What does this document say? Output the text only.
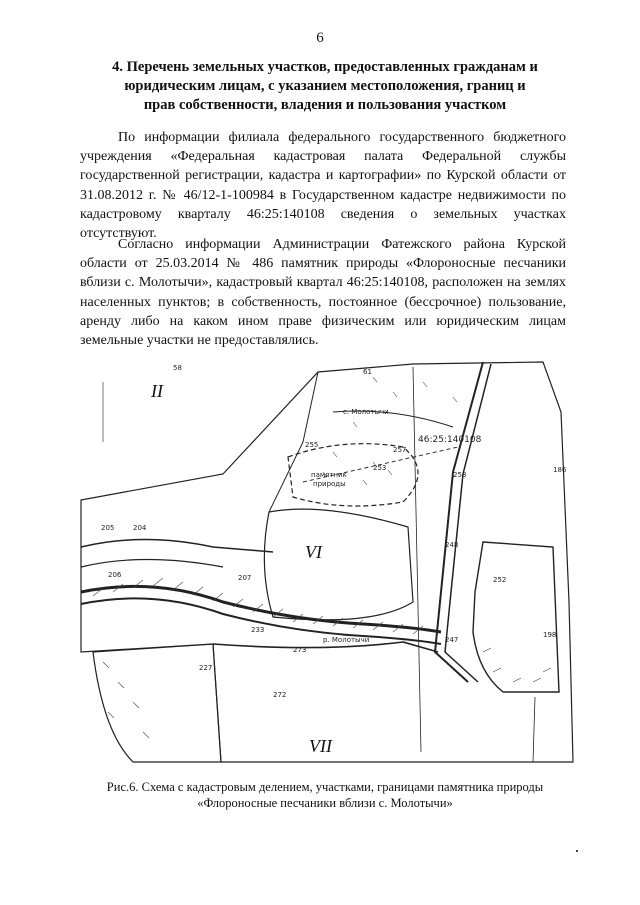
6
4. Перечень земельных участков, предоставленных гражданам и
юридическим лицам, с указанием местоположения, границ и
прав собственности, владения и пользования участком

По информации филиала федерального государственного бюджетного учреждения «Федеральная кадастровая палата Федеральной службы государственной регистрации, кадастра и картографии» по Курской области от 31.08.2012 г. № 46/12-1-100984 в Государственном кадастре недвижимости по кадастровому кварталу 46:25:140108 сведения о земельных участках отсутствуют.

Согласно информации Администрации Фатежского района Курской области от 25.03.2014 № 486 памятник природы «Флороносные песчаники вблизи с. Молотычи», кадастровый квартал 46:25:140108, расположен на землях населенных пунктов; в собственность, постоянное (бессрочное) пользование, аренду либо на каком ином праве физическим или юридическим лицам земельные участки не предоставлялись.

II
VI
VII
46:25:140108
памятник
природы
с. Молотычи
р. Молотычи
58	61
255
253
257
186
205	204
206
273
272
227
233
248
247
198
252
258
207
Рис.6. Схема с кадастровым делением, участками, границами памятника природы
«Флороносные песчаники вблизи с. Молотычи»
